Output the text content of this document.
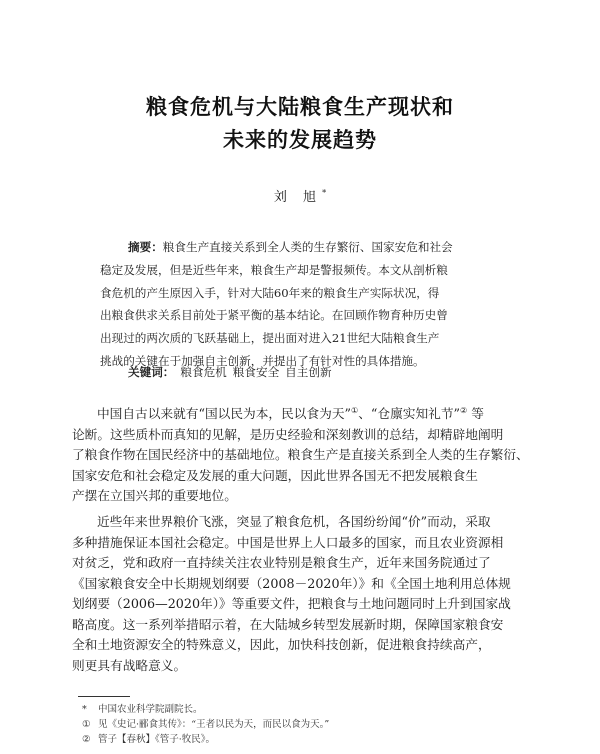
粮食危机与大陆粮食生产现状和
未来的发展趋势
刘 旭*
摘要：粮食生产直接关系到全人类的生存繁衍、国家安危和社会
稳定及发展，但是近些年来，粮食生产却是警报频传。本文从剖析粮
食危机的产生原因入手，针对大陆60年来的粮食生产实际状况，得
出粮食供求关系目前处于紧平衡的基本结论。在回顾作物育种历史曾
出现过的两次质的飞跃基础上，提出面对进入21世纪大陆粮食生产
挑战的关键在于加强自主创新，并提出了有针对性的具体措施。
关键词： 粮食危机 粮食安全 自主创新
中国自古以来就有“国以民为本，民以食为天”①、“仓廪实知礼节”② 等
论断。这些质朴而真知的见解，是历史经验和深刻教训的总结，却精辟地阐明
了粮食作物在国民经济中的基础地位。粮食生产是直接关系到全人类的生存繁衍、
国家安危和社会稳定及发展的重大问题，因此世界各国无不把发展粮食生
产摆在立国兴邦的重要地位。
近些年来世界粮价飞涨，突显了粮食危机，各国纷纷闻“价”而动，采取
多种措施保证本国社会稳定。中国是世界上人口最多的国家，而且农业资源相
对贫乏，党和政府一直持续关注农业特别是粮食生产，近年来国务院通过了
《国家粮食安全中长期规划纲要（2008－2020年）》和《全国土地利用总体规
划纲要（2006—2020年）》等重要文件，把粮食与土地问题同时上升到国家战
略高度。这一系列举措昭示着，在大陆城乡转型发展新时期，保障国家粮食安
全和土地资源安全的特殊意义，因此，加快科技创新，促进粮食持续高产，
则更具有战略意义。
* 中国农业科学院副院长。
① 见《史记·郦食其传》：“王者以民为天，而民以食为天。”
② 管子【春秋】《管子·牧民》。
